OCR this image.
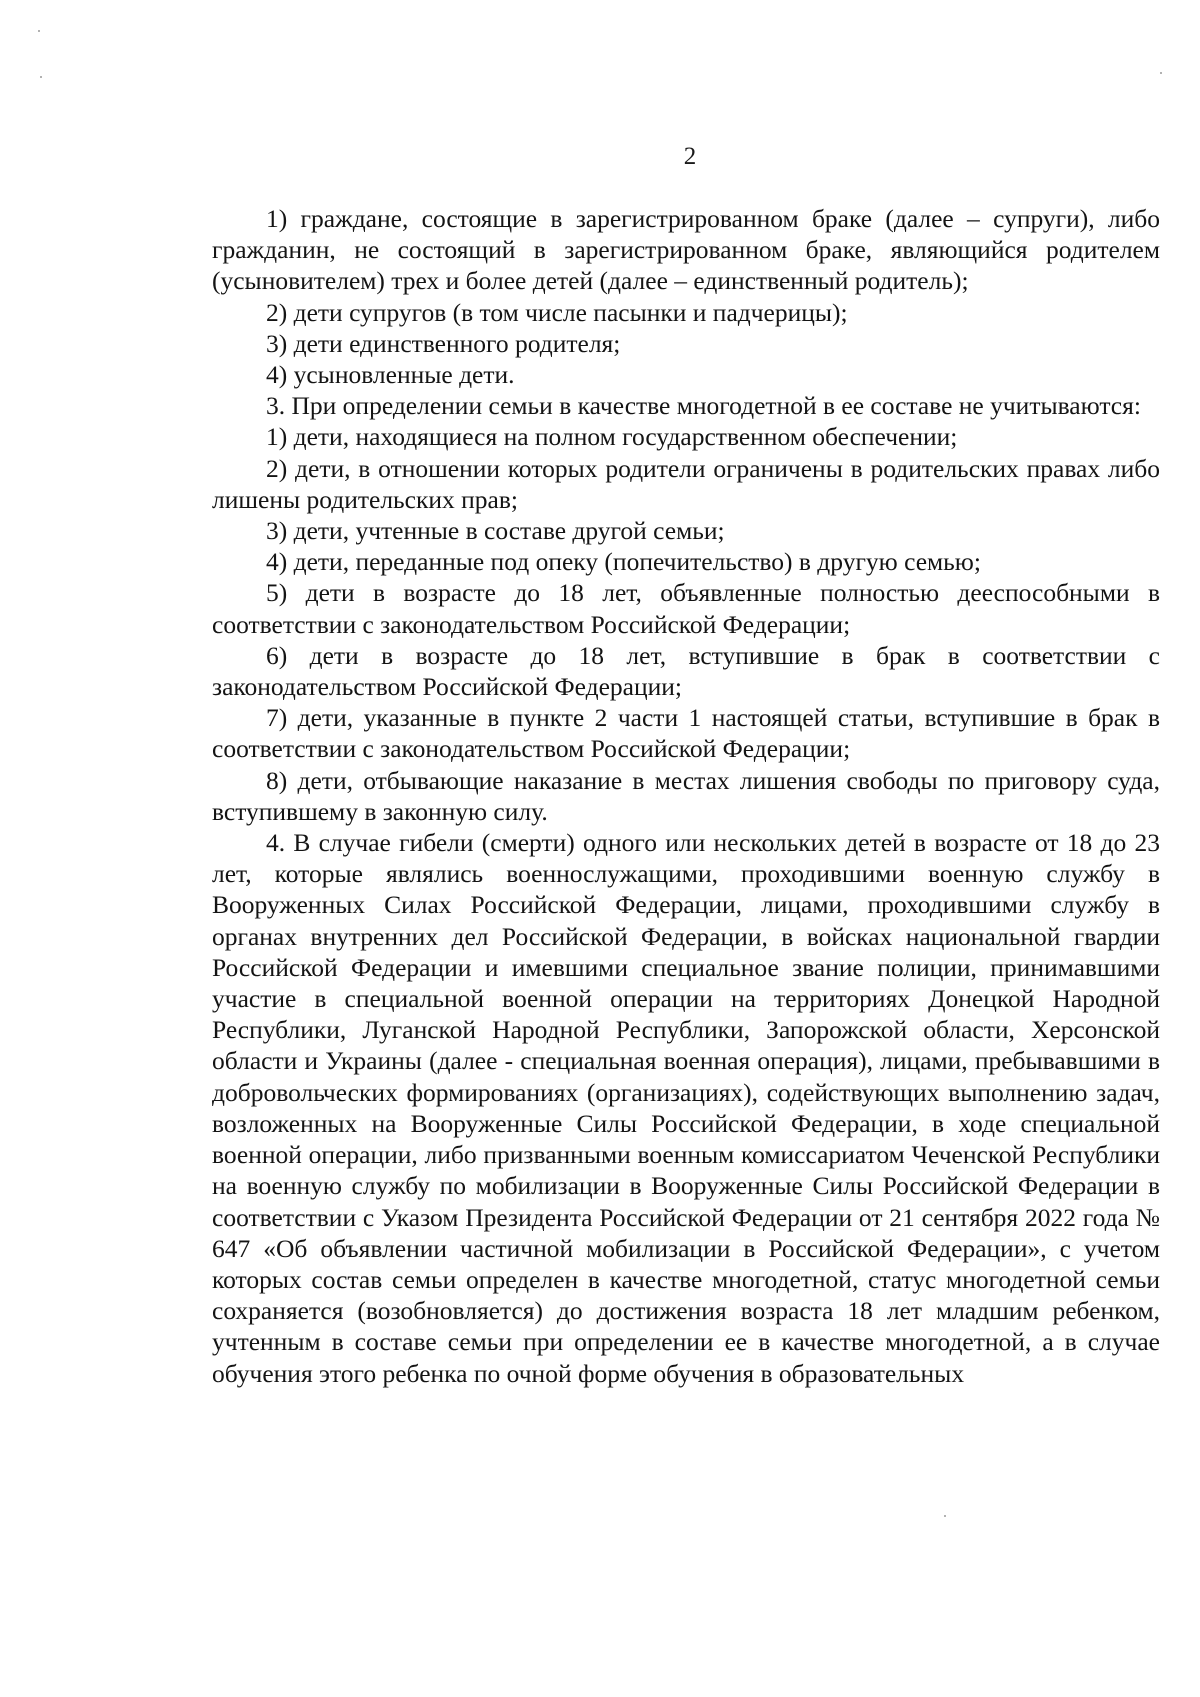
2

1) граждане, состоящие в зарегистрированном браке (далее – супруги), либо гражданин, не состоящий в зарегистрированном браке, являющийся родителем (усыновителем) трех и более детей (далее – единственный родитель);

2) дети супругов (в том числе пасынки и падчерицы);

3) дети единственного родителя;

4) усыновленные дети.

3. При определении семьи в качестве многодетной в ее составе не учитываются:

1) дети, находящиеся на полном государственном обеспечении;

2) дети, в отношении которых родители ограничены в родительских правах либо лишены родительских прав;

3) дети, учтенные в составе другой семьи;

4) дети, переданные под опеку (попечительство) в другую семью;

5) дети в возрасте до 18 лет, объявленные полностью дееспособными в соответствии с законодательством Российской Федерации;

6) дети в возрасте до 18 лет, вступившие в брак в соответствии с законодательством Российской Федерации;

7) дети, указанные в пункте 2 части 1 настоящей статьи, вступившие в брак в соответствии с законодательством Российской Федерации;

8) дети, отбывающие наказание в местах лишения свободы по приговору суда, вступившему в законную силу.

4. В случае гибели (смерти) одного или нескольких детей в возрасте от 18 до 23 лет, которые являлись военнослужащими, проходившими военную службу в Вооруженных Силах Российской Федерации, лицами, проходившими службу в органах внутренних дел Российской Федерации, в войсках национальной гвардии Российской Федерации и имевшими специальное звание полиции, принимавшими участие в специальной военной операции на территориях Донецкой Народной Республики, Луганской Народной Республики, Запорожской области, Херсонской области и Украины (далее - специальная военная операция), лицами, пребывавшими в добровольческих формированиях (организациях), содействующих выполнению задач, возложенных на Вооруженные Силы Российской Федерации, в ходе специальной военной операции, либо призванными военным комиссариатом Чеченской Республики на военную службу по мобилизации в Вооруженные Силы Российской Федерации в соответствии с Указом Президента Российской Федерации от 21 сентября 2022 года № 647 «Об объявлении частичной мобилизации в Российской Федерации», с учетом которых состав семьи определен в качестве многодетной, статус многодетной семьи сохраняется (возобновляется) до достижения возраста 18 лет младшим ребенком, учтенным в составе семьи при определении ее в качестве многодетной, а в случае обучения этого ребенка по очной форме обучения в образовательных
